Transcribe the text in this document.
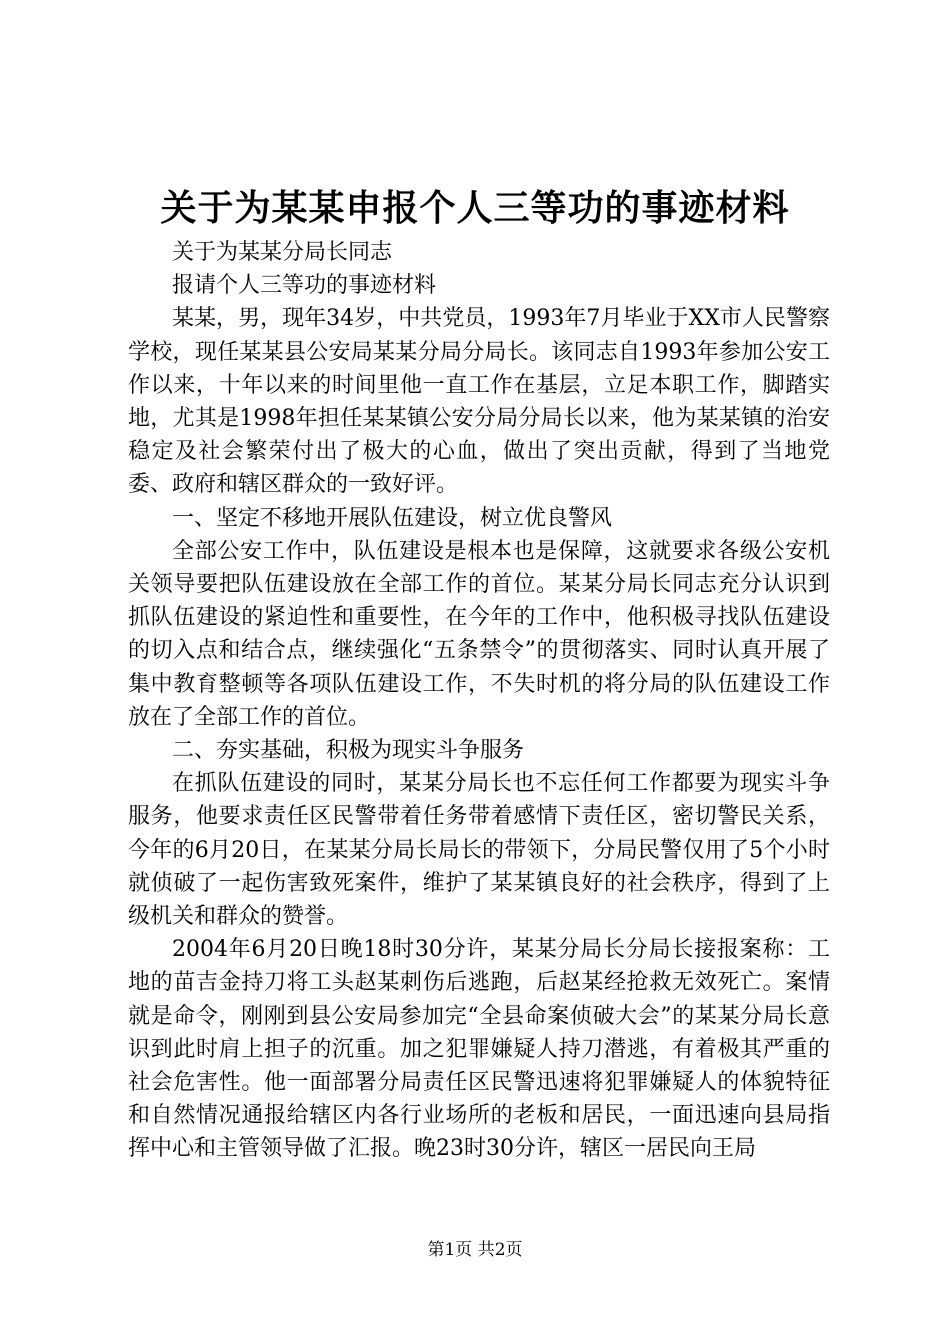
关于为某某申报个人三等功的事迹材料

关于为某某分局长同志

报请个人三等功的事迹材料

某某，男，现年34岁，中共党员，1993年7月毕业于XX市人民警察学校，现任某某县公安局某某分局分局长。该同志自1993年参加公安工作以来，十年以来的时间里他一直工作在基层，立足本职工作，脚踏实地，尤其是1998年担任某某镇公安分局分局长以来，他为某某镇的治安稳定及社会繁荣付出了极大的心血，做出了突出贡献，得到了当地党委、政府和辖区群众的一致好评。

一、坚定不移地开展队伍建设，树立优良警风

全部公安工作中，队伍建设是根本也是保障，这就要求各级公安机关领导要把队伍建设放在全部工作的首位。某某分局长同志充分认识到抓队伍建设的紧迫性和重要性，在今年的工作中，他积极寻找队伍建设的切入点和结合点，继续强化“五条禁令”的贯彻落实、同时认真开展了集中教育整顿等各项队伍建设工作，不失时机的将分局的队伍建设工作放在了全部工作的首位。

二、夯实基础，积极为现实斗争服务

在抓队伍建设的同时，某某分局长也不忘任何工作都要为现实斗争服务，他要求责任区民警带着任务带着感情下责任区，密切警民关系，今年的6月20日，在某某分局长局长的带领下，分局民警仅用了5个小时就侦破了一起伤害致死案件，维护了某某镇良好的社会秩序，得到了上级机关和群众的赞誉。

2004年6月20日晚18时30分许，某某分局长分局长接报案称：工地的苗吉金持刀将工头赵某刺伤后逃跑，后赵某经抢救无效死亡。案情就是命令，刚刚到县公安局参加完“全县命案侦破大会”的某某分局长意识到此时肩上担子的沉重。加之犯罪嫌疑人持刀潜逃，有着极其严重的社会危害性。他一面部署分局责任区民警迅速将犯罪嫌疑人的体貌特征和自然情况通报给辖区内各行业场所的老板和居民，一面迅速向县局指挥中心和主管领导做了汇报。晚23时30分许，辖区一居民向王局

第1页 共2页
